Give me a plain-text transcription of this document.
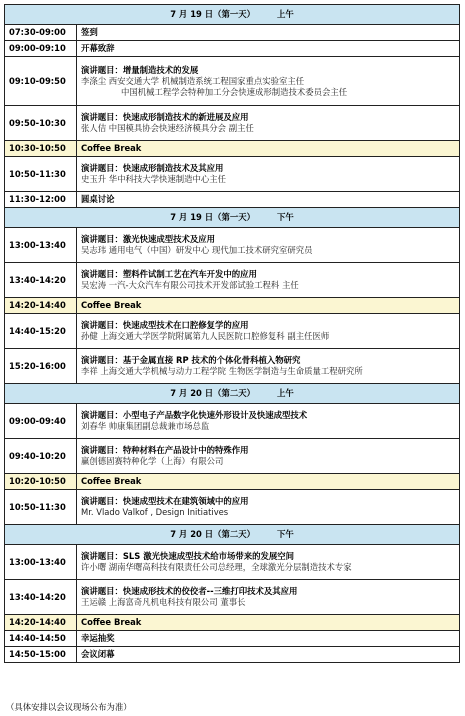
7 月 19 日（第一天） 上午	
07:30-09:00	签到
09:00-09:10	开幕致辞
09:10-09:50	演讲题目：增量制造技术的发展
李涤尘 西安交通大学 机械制造系统工程国家重点实验室主任
中国机械工程学会特种加工分会快速成形制造技术委员会主任

09:50-10:30	演讲题目：快速成形制造技术的新进展及应用
张人佶 中国模具协会快速经济模具分会 副主任

10:30-10:50	Coffee Break
10:50-11:30	演讲题目：快速成形制造技术及其应用
史玉升 华中科技大学快速制造中心主任

11:30-12:00	圆桌讨论
7 月 19 日（第一天） 下午	
13:00-13:40	演讲题目：激光快速成型技术及应用
吴志玮 通用电气（中国）研发中心 现代加工技术研究室研究员

13:40-14:20	演讲题目：塑料件试制工艺在汽车开发中的应用
吴宏涛 一汽-大众汽车有限公司技术开发部试验工程科 主任

14:20-14:40	Coffee Break
14:40-15:20	演讲题目：快速成型技术在口腔修复学的应用
孙健 上海交通大学医学院附属第九人民医院口腔修复科 副主任医师

15:20-16:00	演讲题目：基于金属直接 RP 技术的个体化骨科植入物研究
李祥 上海交通大学机械与动力工程学院 生物医学制造与生命质量工程研究所

7 月 20 日（第二天） 上午	
09:00-09:40	演讲题目：小型电子产品数字化快速外形设计及快速成型技术
刘春华 帅康集团副总裁兼市场总监

09:40-10:20	演讲题目：特种材料在产品设计中的特殊作用
赢创德固赛特种化学（上海）有限公司

10:20-10:50	Coffee Break
10:50-11:30	演讲题目：快速成型技术在建筑领域中的应用
Mr. Vlado Valkof , Design Initiatives

7 月 20 日（第二天） 下午	
13:00-13:40	演讲题目：SLS 激光快速成型技术给市场带来的发展空间
许小曙 湖南华曙高科技有限责任公司总经理，全球激光分层制造技术专家

13:40-14:20	演讲题目：快速成形技术的佼佼者--三维打印技术及其应用
王运赣 上海富奇凡机电科技有限公司 董事长

14:20-14:40	Coffee Break
14:40-14:50	幸运抽奖
14:50-15:00	会议闭幕
（具体安排以会议现场公布为准）
